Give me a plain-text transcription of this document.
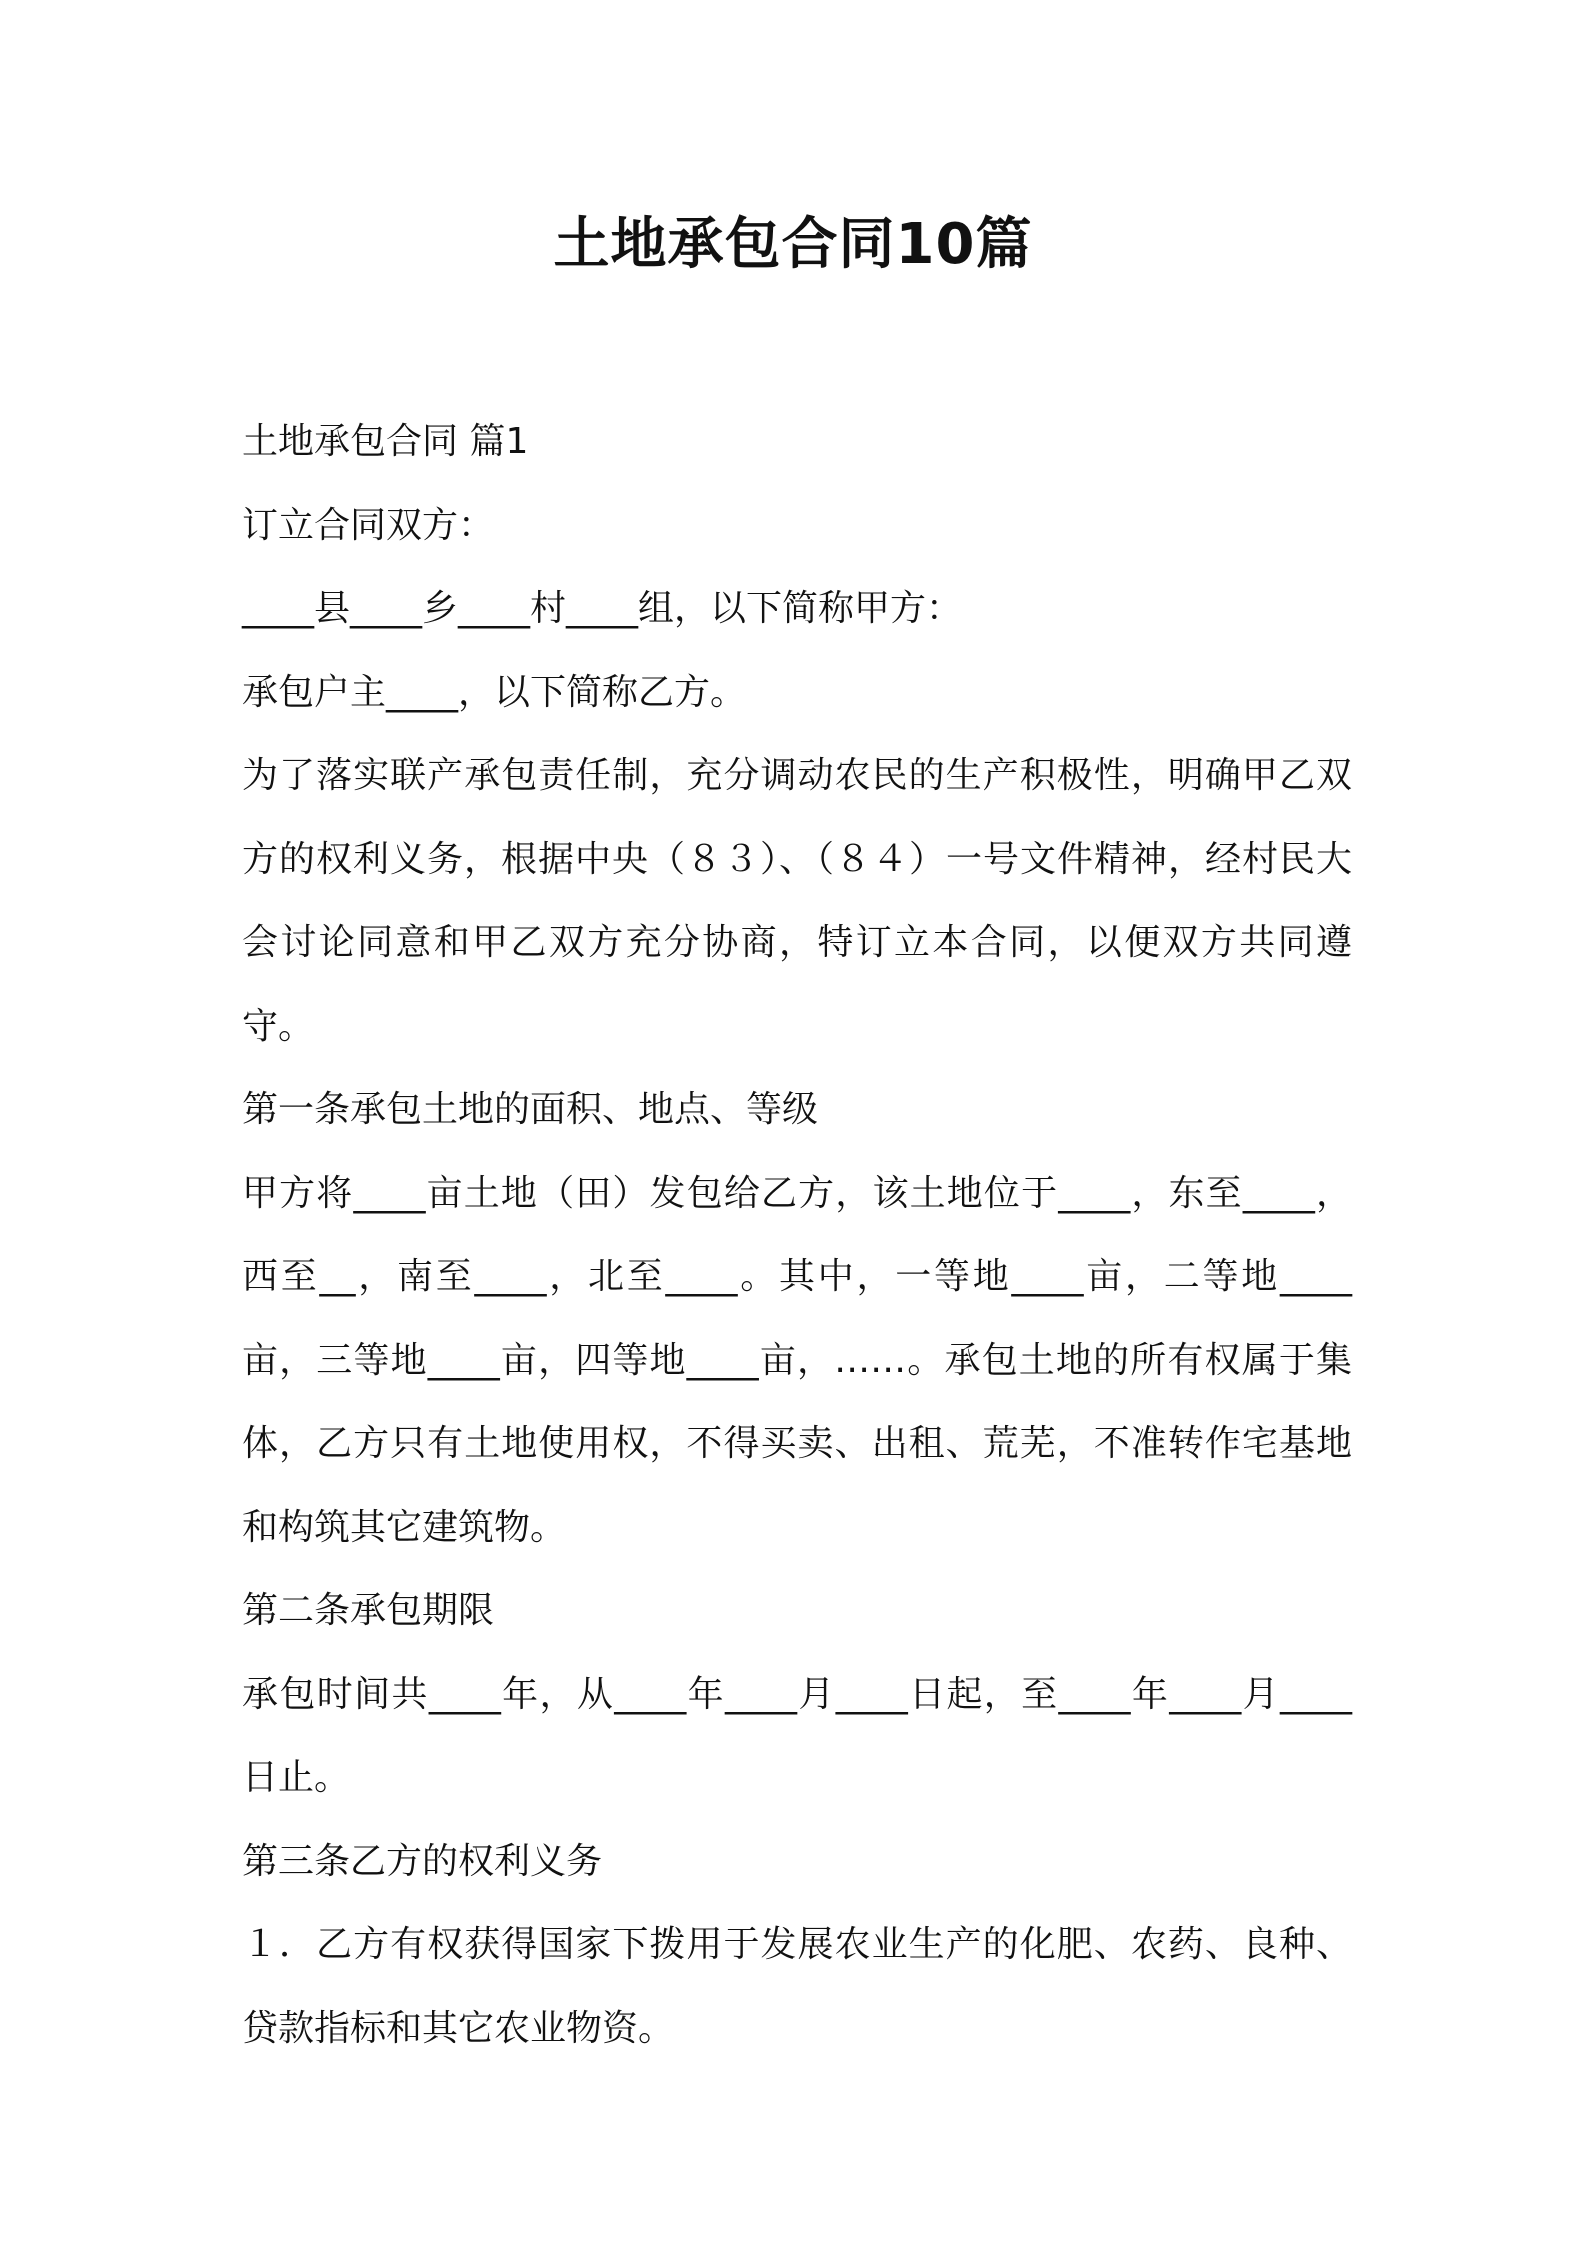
土地承包合同10篇

土地承包合同 篇1

订立合同双方：

____县____乡____村____组，以下简称甲方：

承包户主____，以下简称乙方。

为了落实联产承包责任制，充分调动农民的生产积极性，明确甲乙双方的权利义务，根据中央（８３）、（８４）一号文件精神，经村民大会讨论同意和甲乙双方充分协商，特订立本合同，以便双方共同遵守。

第一条承包土地的面积、地点、等级

甲方将____亩土地（田）发包给乙方，该土地位于____，东至____，西至__，南至____，北至____。其中，一等地____亩，二等地____亩，三等地____亩，四等地____亩，……。承包土地的所有权属于集体，乙方只有土地使用权，不得买卖、出租、荒芜，不准转作宅基地和构筑其它建筑物。

第二条承包期限

承包时间共____年，从____年____月____日起，至____年____月____日止。

第三条乙方的权利义务

１．乙方有权获得国家下拨用于发展农业生产的化肥、农药、良种、贷款指标和其它农业物资。
